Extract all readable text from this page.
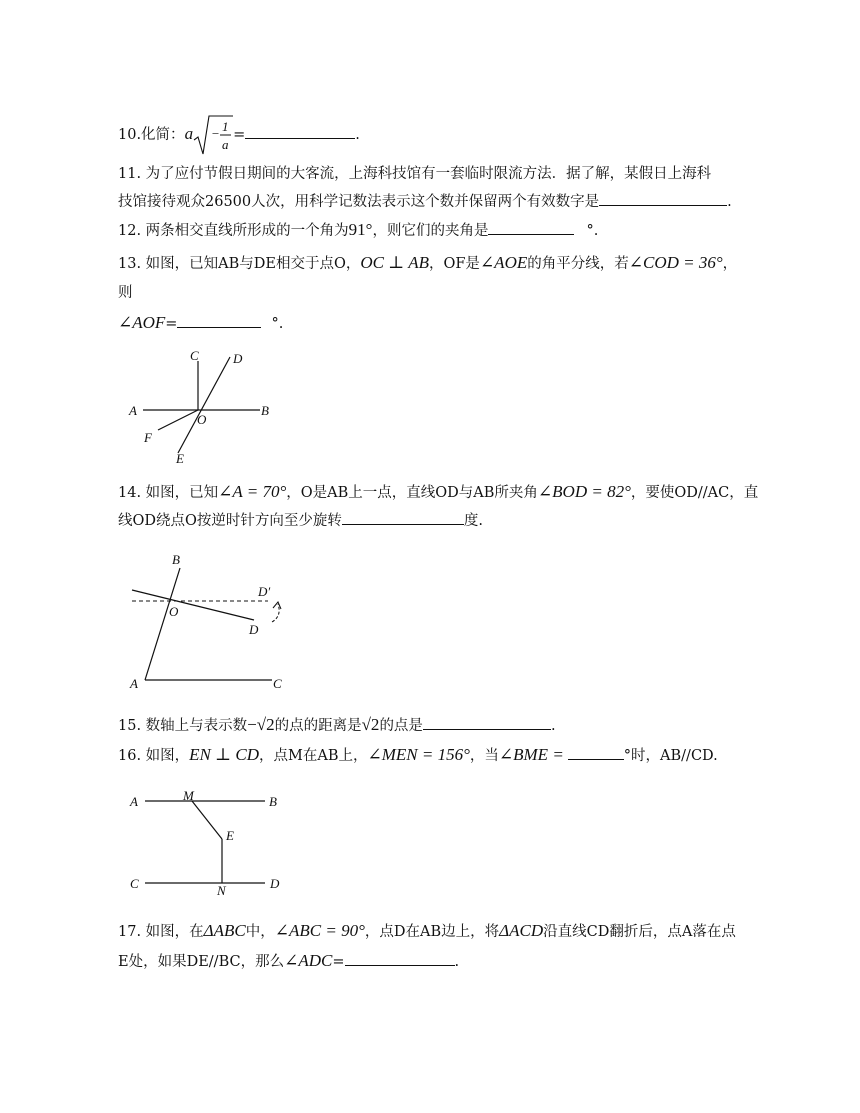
10.化简：a − 1
a
=	.
11. 为了应付节假日期间的大客流，上海科技馆有一套临时限流方法．据了解，某假日上海科
技馆接待观众26500人次，用科学记数法表示这个数并保留两个有效数字是	.
12. 两条相交直线所形成的一个角为91°，则它们的夹角是	°.
13. 如图，已知AB与DE相交于点O，OC ⊥ AB，OF是∠AOE的角平分线，若∠COD = 36°，
则
∠AOF=	°.
C	D
A
O
B
F
E
14. 如图，已知∠A = 70°，O是AB上一点，直线OD与AB所夹角∠BOD = 82°，要使OD//AC，直
线OD绕点O按逆时针方向至少旋转	度.
B
D′
O
D
A	C
15. 数轴上与表示数−√2的点的距离是√2的点是	.
16. 如图，EN ⊥ CD，点M在AB上，∠MEN = 156°，当∠BME =	°时，AB//CD.
A	M	B
E
C	N	D
17. 如图，在ΔABC中，∠ABC = 90°，点D在AB边上，将ΔACD沿直线CD翻折后，点A落在点
E处，如果DE//BC，那么∠ADC=	.
